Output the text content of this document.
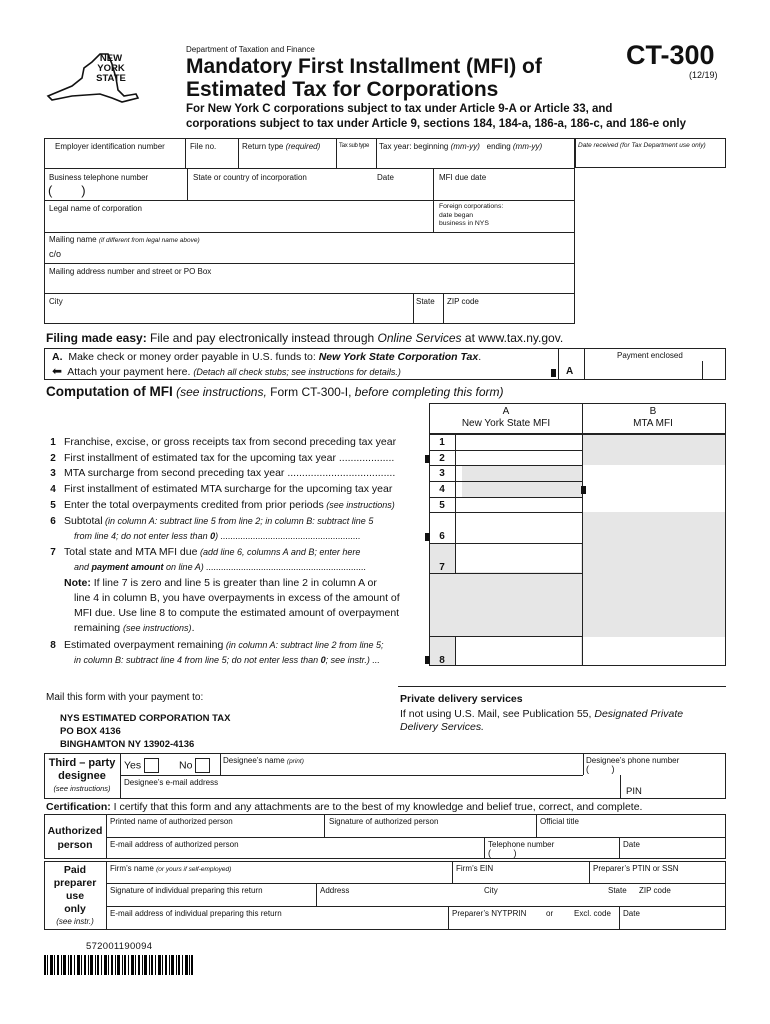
NEW YORK STATE
Department of Taxation and Finance
Mandatory First Installment (MFI) of
Estimated Tax for Corporations
CT-300
(12/19)
For New York C corporations subject to tax under Article 9-A or Article 33, and
corporations subject to tax under Article 9, sections 184, 184-a, 186-a, 186-c, and 186-e only
Employer identification number	File no.	Return type (required)	Tax sub type Tax year: beginning (mm-yy) ending (mm-yy)	Date received (for Tax Department use only)
Business telephone number
(        )
State or country of incorporation	Date	MFI due date
Legal name of corporation	Foreign corporations:
date began
business in NYS
Mailing name (if different from legal name above)
c/o
Mailing address number and street or PO Box
City	State ZIP code
Filing made easy: File and pay electronically instead through Online Services at www.tax.ny.gov.
A. Make check or money order payable in U.S. funds to: New York State Corporation Tax.
⬅ Attach your payment here. (Detach all check stubs; see instructions for details.)	A
Payment enclosed
Computation of MFI (see instructions, Form CT-300-I, before completing this form)
A
New York State MFI
B
MTA MFI
1 Franchise, excise, or gross receipts tax from second preceding tax year	1
2 First installment of estimated tax for the upcoming tax year ...................	2
3 MTA surcharge from second preceding tax year .....................................	3
4 First installment of estimated MTA surcharge for the upcoming tax year	4
5 Enter the total overpayments credited from prior periods (see instructions)	5
6 Subtotal (in column A: subtract line 5 from line 2; in column B: subtract line 5
from line 4; do not enter less than 0) ........................................................	6
7 Total state and MTA MFI due (add line 6, columns A and B; enter here
and payment amount on line A) ................................................................	7
Note: If line 7 is zero and line 5 is greater than line 2 in column A or
line 4 in column B, you have overpayments in excess of the amount of
MFI due. Use line 8 to compute the estimated amount of overpayment
remaining (see instructions).
8 Estimated overpayment remaining (in column A: subtract line 2 from line 5;
in column B: subtract line 4 from line 5; do not enter less than 0; see instr.) ...	8
Mail this form with your payment to:
NYS ESTIMATED CORPORATION TAX
PO BOX 4136
BINGHAMTON NY 13902-4136
Private delivery services
If not using U.S. Mail, see Publication 55, Designated Private
Delivery Services.
Third – party
designee
(see instructions)
Yes	No	Designee’s name (print)	Designee’s phone number
(         )
Designee’s e-mail address
PIN
Certification: I certify that this form and any attachments are to the best of my knowledge and belief true, correct, and complete.
Authorized
person
Printed name of authorized person	Signature of authorized person	Official title
E-mail address of authorized person	Telephone number
(         )
Date
Paid
preparer
use
only
(see instr.)
Firm’s name (or yours if self-employed)	Firm’s EIN	Preparer’s PTIN or SSN
Signature of individual preparing this return	Address	City	State ZIP code
E-mail address of individual preparing this return	Preparer’s NYTPRIN or	Excl. code Date
572001190094
